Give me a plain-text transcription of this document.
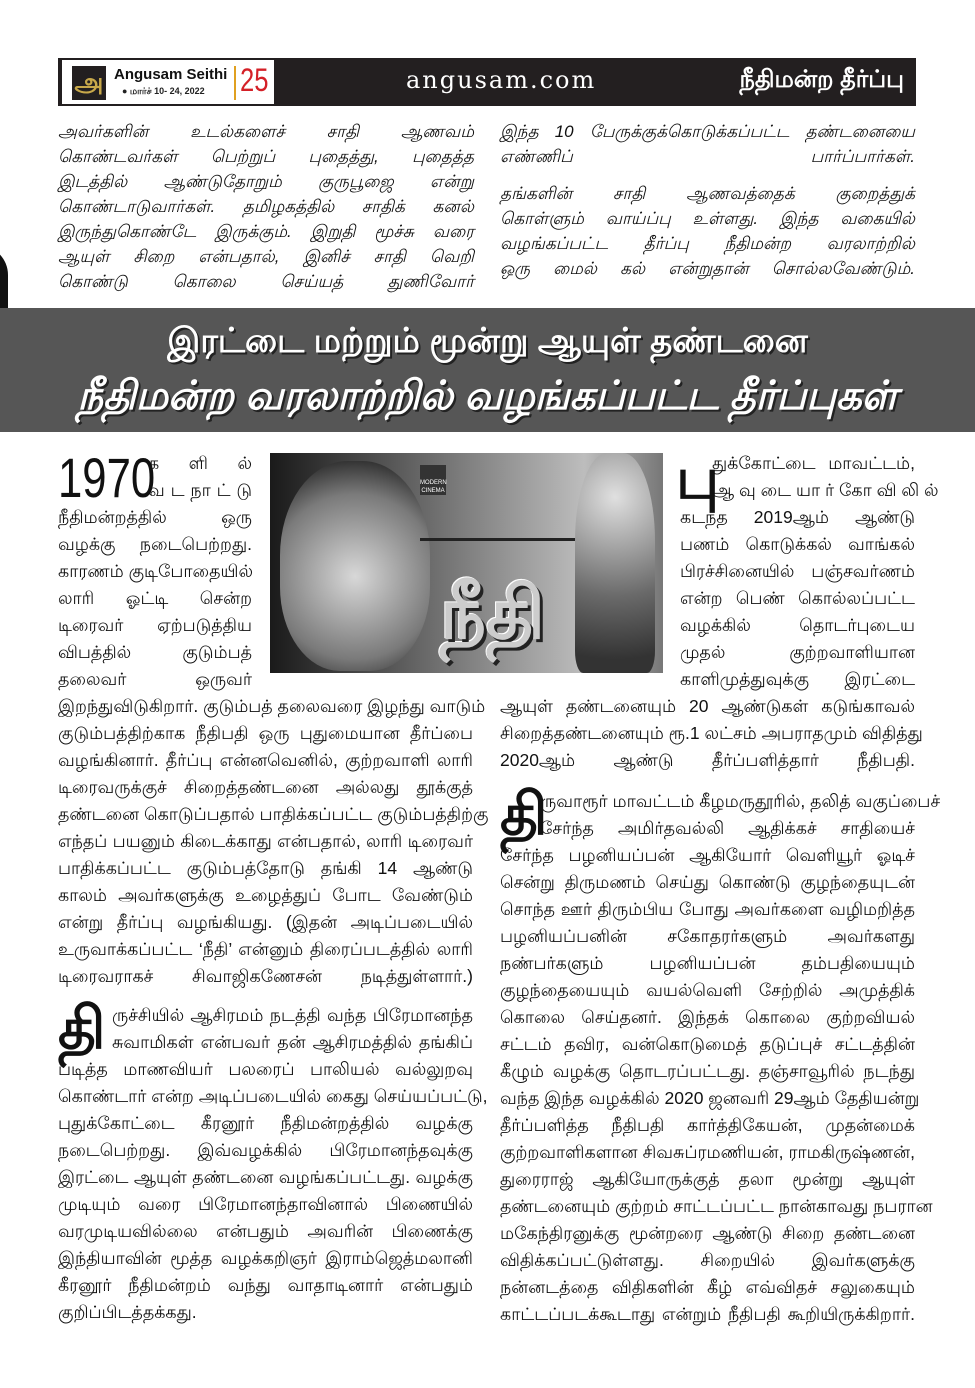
அ Angusam Seithi
● மார்ச் 10- 24, 2022 25	angusam.com	நீதிமன்ற தீர்ப்பு
அவர்களின் உடல்களைச் சாதி ஆணவம்
கொண்டவர்கள் பெற்றுப் புதைத்து, புதைத்த
இடத்தில் ஆண்டுதோறும் குருபூஜை என்று
கொண்டாடுவார்கள். தமிழகத்தில் சாதிக் கனல்
இருந்துகொண்டே இருக்கும். இறுதி மூச்சு வரை
ஆயுள் சிறை என்பதால், இனிச் சாதி வெறி
கொண்டு கொலை செய்யத் துணிவோர்
இந்த 10 பேருக்குக்கொடுக்கப்பட்ட தண்டனையை
எண்ணிப் பார்ப்பார்கள்.
தங்களின் சாதி ஆணவத்தைக் குறைத்துக்
கொள்ளும் வாய்ப்பு உள்ளது. இந்த வகையில்
வழங்கப்பட்ட தீர்ப்பு நீதிமன்ற வரலாற்றில்
ஒரு மைல் கல் என்றுதான் சொல்லவேண்டும்.
இரட்டை மற்றும் மூன்று ஆயுள் தண்டனை
நீதிமன்ற வரலாற்றில் வழங்கப்பட்ட தீர்ப்புகள்
1970
க ளி ல்
வ ட நா ட் டு
நீதிமன்றத்தில் ஒரு
வழக்கு நடைபெற்றது.
காரணம் குடிபோதையில்
லாரி ஓட்டி சென்ற
டிரைவர் ஏற்படுத்திய
விபத்தில் குடும்பத்
தலைவர் ஒருவர்
இறந்துவிடுகிறார். குடும்பத் தலைவரை இழந்து வாடும்
குடும்பத்திற்காக நீதிபதி ஒரு புதுமையான தீர்ப்பை
வழங்கினார். தீர்ப்பு என்னவெனில், குற்றவாளி லாரி
டிரைவருக்குச் சிறைத்தண்டனை அல்லது தூக்குத்
தண்டனை கொடுப்பதால் பாதிக்கப்பட்ட குடும்பத்திற்கு
எந்தப் பயனும் கிடைக்காது என்பதால், லாரி டிரைவர்
பாதிக்கப்பட்ட குடும்பத்தோடு தங்கி 14 ஆண்டு
காலம் அவர்களுக்கு உழைத்துப் போட வேண்டும்
என்று தீர்ப்பு வழங்கியது. (இதன் அடிப்படையில்
உருவாக்கப்பட்ட ‘நீதி’ என்னும் திரைப்படத்தில் லாரி
டிரைவராகச் சிவாஜிகணேசன் நடித்துள்ளார்.)
MODERN CINEMA
நீதி
தி ருச்சியில் ஆசிரமம் நடத்தி வந்த பிரேமானந்த
சுவாமிகள் என்பவர் தன் ஆசிரமத்தில் தங்கிப்
படித்த மாணவியர் பலரைப் பாலியல் வல்லுறவு
கொண்டார் என்ற அடிப்படையில் கைது செய்யப்பட்டு,
புதுக்கோட்டை கீரனூர் நீதிமன்றத்தில் வழக்கு
நடைபெற்றது. இவ்வழக்கில் பிரேமானந்தவுக்கு
இரட்டை ஆயுள் தண்டனை வழங்கப்பட்டது. வழக்கு
முடியும் வரை பிரேமானந்தாவினால் பிணையில்
வரமுடியவில்லை என்பதும் அவரின் பிணைக்கு
இந்தியாவின் மூத்த வழக்கறிஞர் இராம்ஜெத்மலானி
கீரனூர் நீதிமன்றம் வந்து வாதாடினார் என்பதும்
குறிப்பிடத்தக்கது.
பு
துக்கோட்டை மாவட்டம்,
ஆ வு டை யா ர் கோ வி லி ல்
கடந்த 2019ஆம் ஆண்டு
பணம் கொடுக்கல் வாங்கல்
பிரச்சினையில் பஞ்சவர்ணம்
என்ற பெண் கொல்லப்பட்ட
வழக்கில் தொடர்புடைய
முதல் குற்றவாளியான
காளிமுத்துவுக்கு இரட்டை
ஆயுள் தண்டனையும் 20 ஆண்டுகள் கடுங்காவல்
சிறைத்தண்டனையும் ரூ.1 லட்சம் அபராதமும் விதித்து
2020ஆம் ஆண்டு தீர்ப்பளித்தார் நீதிபதி.
தி
ருவாரூர் மாவட்டம் கீழமருதூரில், தலித் வகுப்பைச்
சேர்ந்த அமிர்தவல்லி ஆதிக்கச் சாதியைச்
சேர்ந்த பழனியப்பன் ஆகியோர் வெளியூர் ஓடிச்
சென்று திருமணம் செய்து கொண்டு குழந்தையுடன்
சொந்த ஊர் திரும்பிய போது அவர்களை வழிமறித்த
பழனியப்பனின் சகோதரர்களும் அவர்களது
நண்பர்களும் பழனியப்பன் தம்பதியையும்
குழந்தையையும் வயல்வெளி சேற்றில் அமுத்திக்
கொலை செய்தனர். இந்தக் கொலை குற்றவியல்
சட்டம் தவிர, வன்கொடுமைத் தடுப்புச் சட்டத்தின்
கீழும் வழக்கு தொடரப்பட்டது. தஞ்சாவூரில் நடந்து
வந்த இந்த வழக்கில் 2020 ஜனவரி 29ஆம் தேதியன்று
தீர்ப்பளித்த நீதிபதி கார்த்திகேயன், முதன்மைக்
குற்றவாளிகளான சிவசுப்ரமணியன், ராமகிருஷ்ணன்,
துரைராஜ் ஆகியோருக்குத் தலா மூன்று ஆயுள்
தண்டனையும் குற்றம் சாட்டப்பட்ட நான்காவது நபரான
மகேந்திரனுக்கு மூன்றரை ஆண்டு சிறை தண்டனை
விதிக்கப்பட்டுள்ளது. சிறையில் இவர்களுக்கு
நன்னடத்தை விதிகளின் கீழ் எவ்விதச் சலுகையும்
காட்டப்படக்கூடாது என்றும் நீதிபதி கூறியிருக்கிறார்.
